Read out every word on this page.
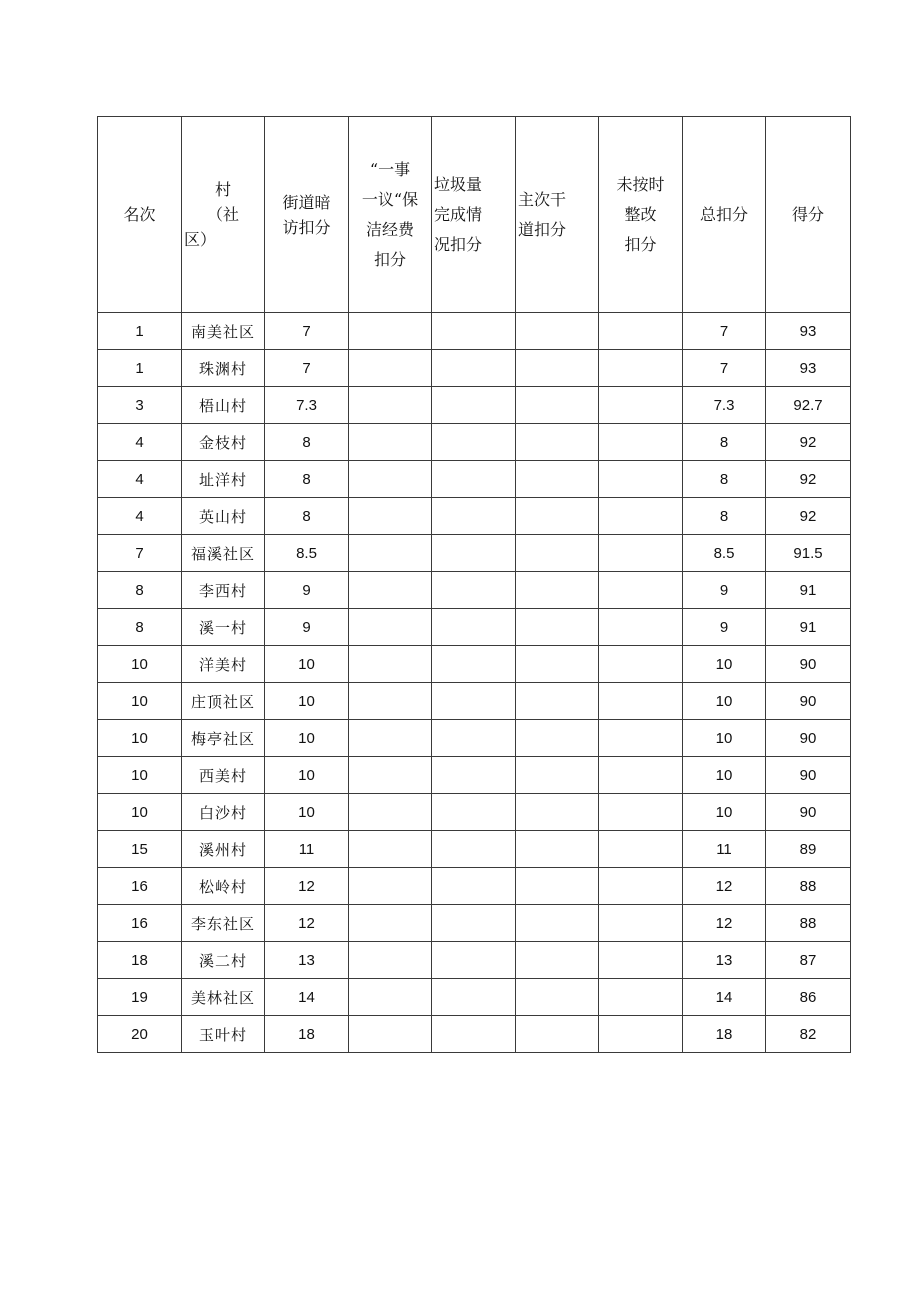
名次	村
（社
区）	街道暗
访扣分	“一事
一议“保
洁经费
扣分	垃圾量
完成情
况扣分	主次干
道扣分	未按时
整改
扣分	总扣分	得分

1	南美社区	7					7	93
1	珠渊村	7					7	93
3	梧山村	7.3					7.3	92.7
4	金枝村	8					8	92
4	址洋村	8					8	92
4	英山村	8					8	92
7	福溪社区	8.5					8.5	91.5
8	李西村	9					9	91
8	溪一村	9					9	91
10	洋美村	10					10	90
10	庄顶社区	10					10	90
10	梅亭社区	10					10	90
10	西美村	10					10	90
10	白沙村	10					10	90
15	溪州村	11					11	89
16	松岭村	12					12	88
16	李东社区	12					12	88
18	溪二村	13					13	87
19	美林社区	14					14	86
20	玉叶村	18					18	82
